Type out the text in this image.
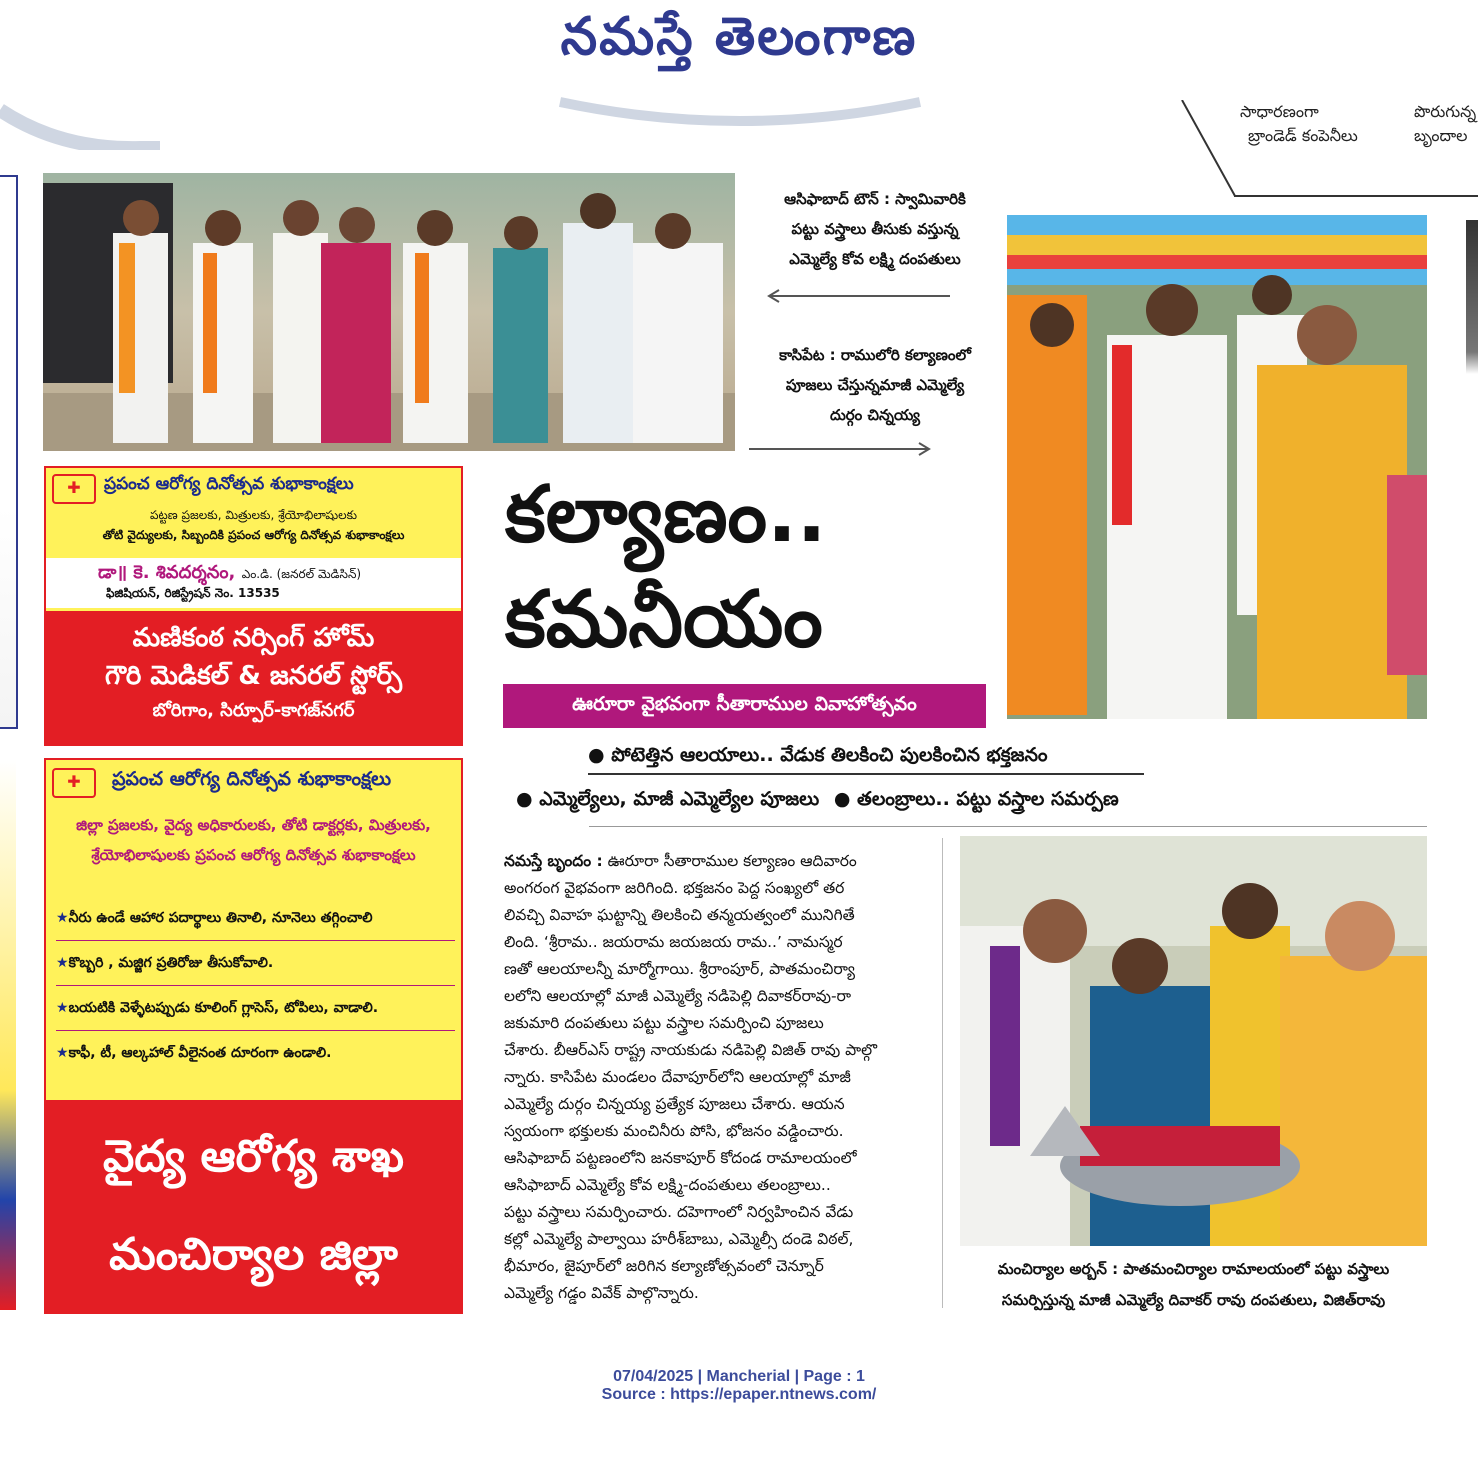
నమస్తే తెలంగాణ
సాధారణంగా
బ్రాండెడ్ కంపెనీలు
పొరుగున్న
బృందాల
ఆసిఫాబాద్ టౌన్ : స్వామివారికి
పట్టు వస్త్రాలు తీసుకు వస్తున్న
ఎమ్మెల్యే కోవ లక్ష్మి దంపతులు
కాసిపేట : రాములోరి కల్యాణంలో
పూజలు చేస్తున్నమాజీ ఎమ్మెల్యే
దుర్గం చిన్నయ్య
కల్యాణం..
కమనీయం
ఊరూరా వైభవంగా సీతారాముల వివాహోత్సవం
● పోటెత్తిన ఆలయాలు.. వేడుక తిలకించి పులకించిన భక్తజనం
● ఎమ్మెల్యేలు, మాజీ ఎమ్మెల్యేల పూజలు ● తలంబ్రాలు.. పట్టు వస్త్రాల సమర్పణ
నమస్తే బృందం : ఊరూరా సీతారాముల కల్యాణం ఆదివారం
అంగరంగ వైభవంగా జరిగింది. భక్తజనం పెద్ద సంఖ్యలో తర
లివచ్చి వివాహ ఘట్టాన్ని తిలకించి తన్మయత్వంలో మునిగితే
లింది. ‘శ్రీరామ.. జయరామ జయజయ రామ..’ నామస్మర
ణతో ఆలయాలన్నీ మార్మోగాయి. శ్రీరాంపూర్, పాతమంచిర్యా
లలోని ఆలయాల్లో మాజీ ఎమ్మెల్యే నడిపెల్లి దివాకర్‌రావు-రా
జకుమారి దంపతులు పట్టు వస్త్రాల సమర్పించి పూజలు
చేశారు. బీఆర్ఎస్ రాష్ట్ర నాయకుడు నడిపెల్లి విజిత్ రావు పాల్గొ
న్నారు. కాసిపేట మండలం దేవాపూర్‌లోని ఆలయాల్లో మాజీ
ఎమ్మెల్యే దుర్గం చిన్నయ్య ప్రత్యేక పూజలు చేశారు. ఆయన
స్వయంగా భక్తులకు మంచినీరు పోసి, భోజనం వడ్డించారు.
ఆసిఫాబాద్ పట్టణంలోని జనకాపూర్ కోదండ రామాలయంలో
ఆసిఫాబాద్ ఎమ్మెల్యే కోవ లక్ష్మి-దంపతులు తలంబ్రాలు..
పట్టు వస్త్రాలు సమర్పించారు. దహెగాంలో నిర్వహించిన వేడు
కల్లో ఎమ్మెల్యే పాల్వాయి హరీశ్‌బాబు, ఎమ్మెల్సీ దండె విఠల్,
భీమారం, జైపూర్‌లో జరిగిన కల్యాణోత్సవంలో చెన్నూర్
ఎమ్మెల్యే గడ్డం వివేక్ పాల్గొన్నారు.
మంచిర్యాల అర్బన్ : పాతమంచిర్యాల రామాలయంలో పట్టు వస్త్రాలు
సమర్పిస్తున్న మాజీ ఎమ్మెల్యే దివాకర్ రావు దంపతులు, విజిత్‌రావు
✚	ప్రపంచ ఆరోగ్య దినోత్సవ శుభాకాంక్షలు
పట్టణ ప్రజలకు, మిత్రులకు, శ్రేయోభిలాషులకు
తోటి వైద్యులకు, సిబ్బందికి ప్రపంచ ఆరోగ్య దినోత్సవ శుభాకాంక్షలు
డా॥ కె. శివదర్శనం, ఎం.డి. (జనరల్ మెడిసిన్)
ఫిజిషియన్, రిజిస్ట్రేషన్ నెం. 13535
మణికంఠ నర్సింగ్ హోమ్
గౌరి మెడికల్ & జనరల్ స్టోర్స్
బోరిగాం, సిర్పూర్-కాగజ్‌నగర్
✚	ప్రపంచ ఆరోగ్య దినోత్సవ శుభాకాంక్షలు
జిల్లా ప్రజలకు, వైద్య అధికారులకు, తోటి డాక్టర్లకు, మిత్రులకు,
శ్రేయోభిలాషులకు ప్రపంచ ఆరోగ్య దినోత్సవ శుభాకాంక్షలు
★నీరు ఉండే ఆహార పదార్థాలు తినాలి, నూనెలు తగ్గించాలి
★కొబ్బరి , మజ్జిగ ప్రతిరోజు తీసుకోవాలి.
★బయటికి వెళ్ళేటప్పుడు కూలింగ్ గ్లాసెస్, టోపిలు, వాడాలి.
★కాఫీ, టీ, ఆల్కహాల్ వీలైనంత దూరంగా ఉండాలి.
వైద్య ఆరోగ్య శాఖ
మంచిర్యాల జిల్లా
07/04/2025 | Mancherial | Page : 1
Source : https://epaper.ntnews.com/
